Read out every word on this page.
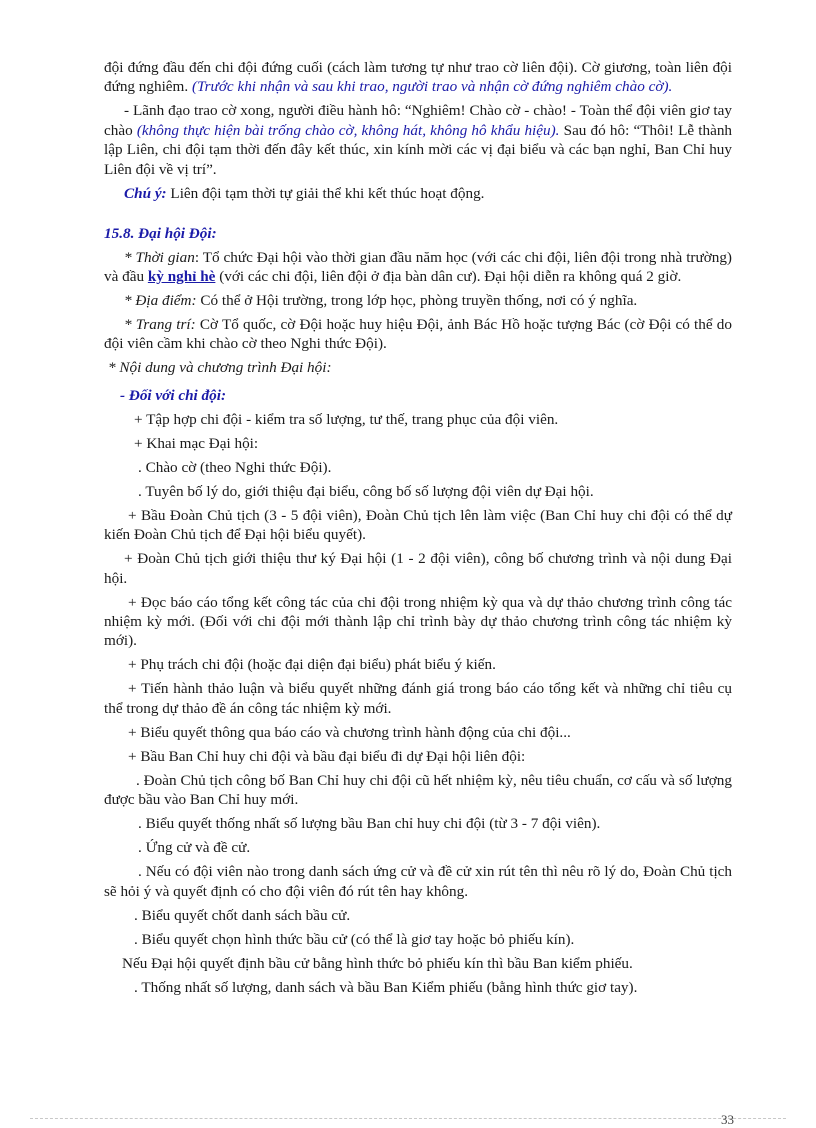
đội đứng đầu đến chi đội đứng cuối (cách làm tương tự như trao cờ liên đội). Cờ giương, toàn liên đội đứng nghiêm. (Trước khi nhận và sau khi trao, người trao và nhận cờ đứng nghiêm chào cờ).

- Lãnh đạo trao cờ xong, người điều hành hô: “Nghiêm! Chào cờ - chào! - Toàn thể đội viên giơ tay chào (không thực hiện bài trống chào cờ, không hát, không hô khẩu hiệu). Sau đó hô: “Thôi! Lễ thành lập Liên, chi đội tạm thời đến đây kết thúc, xin kính mời các vị đại biểu và các bạn nghỉ, Ban Chỉ huy Liên đội về vị trí”.

Chú ý: Liên đội tạm thời tự giải thể khi kết thúc hoạt động.

15.8. Đại hội Đội:

* Thời gian: Tổ chức Đại hội vào thời gian đầu năm học (với các chi đội, liên đội trong nhà trường) và đầu kỳ nghỉ hè (với các chi đội, liên đội ở địa bàn dân cư). Đại hội diễn ra không quá 2 giờ.

* Địa điểm: Có thể ở Hội trường, trong lớp học, phòng truyền thống, nơi có ý nghĩa.

* Trang trí: Cờ Tổ quốc, cờ Đội hoặc huy hiệu Đội, ảnh Bác Hồ hoặc tượng Bác (cờ Đội có thể do đội viên cầm khi chào cờ theo Nghi thức Đội).

* Nội dung và chương trình Đại hội:

- Đối với chi đội:

+ Tập hợp chi đội - kiểm tra số lượng, tư thế, trang phục của đội viên.

+ Khai mạc Đại hội:

. Chào cờ (theo Nghi thức Đội).

. Tuyên bố lý do, giới thiệu đại biểu, công bố số lượng đội viên dự Đại hội.

+ Bầu Đoàn Chủ tịch (3 - 5 đội viên), Đoàn Chủ tịch lên làm việc (Ban Chỉ huy chi đội có thể dự kiến Đoàn Chủ tịch để Đại hội biểu quyết).

+ Đoàn Chủ tịch giới thiệu thư ký Đại hội (1 - 2 đội viên), công bố chương trình và nội dung Đại hội.

+ Đọc báo cáo tổng kết công tác của chi đội trong nhiệm kỳ qua và dự thảo chương trình công tác nhiệm kỳ mới. (Đối với chi đội mới thành lập chỉ trình bày dự thảo chương trình công tác nhiệm kỳ mới).

+ Phụ trách chi đội (hoặc đại diện đại biểu) phát biểu ý kiến.

+ Tiến hành thảo luận và biểu quyết những đánh giá trong báo cáo tổng kết và những chỉ tiêu cụ thể trong dự thảo đề án công tác nhiệm kỳ mới.

+ Biểu quyết thông qua báo cáo và chương trình hành động của chi đội...

+ Bầu Ban Chỉ huy chi đội và bầu đại biểu đi dự Đại hội liên đội:

. Đoàn Chủ tịch công bố Ban Chỉ huy chi đội cũ hết nhiệm kỳ, nêu tiêu chuẩn, cơ cấu và số lượng được bầu vào Ban Chỉ huy mới.

. Biểu quyết thống nhất số lượng bầu Ban chỉ huy chi đội (từ 3 - 7 đội viên).

. Ứng cử và đề cử.

. Nếu có đội viên nào trong danh sách ứng cử và đề cử xin rút tên thì nêu rõ lý do, Đoàn Chủ tịch sẽ hỏi ý và quyết định có cho đội viên đó rút tên hay không.

. Biểu quyết chốt danh sách bầu cử.

. Biểu quyết chọn hình thức bầu cử (có thể là giơ tay hoặc bỏ phiếu kín).

Nếu Đại hội quyết định bầu cử bằng hình thức bỏ phiếu kín thì bầu Ban kiểm phiếu.

. Thống nhất số lượng, danh sách và bầu Ban Kiểm phiếu (bằng hình thức giơ tay).

33
